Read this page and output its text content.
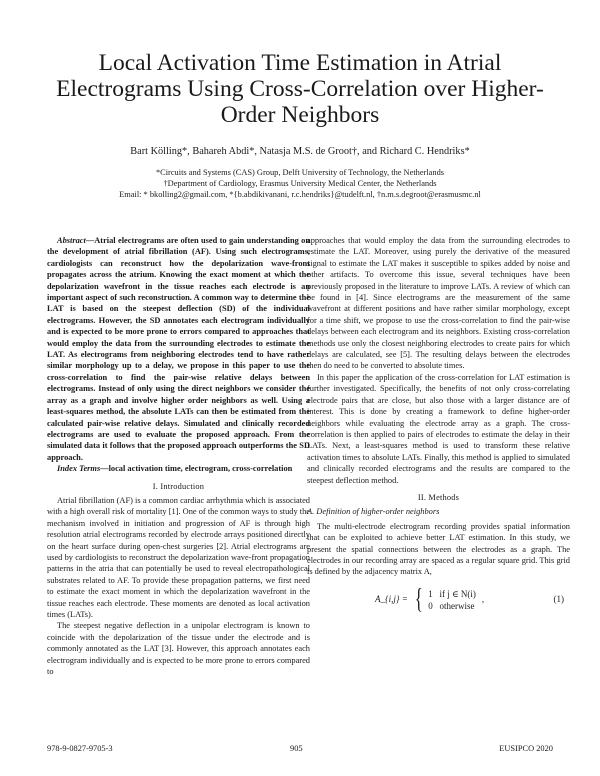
Local Activation Time Estimation in Atrial Electrograms Using Cross-Correlation over Higher-Order Neighbors
Bart Kölling*, Bahareh Abdi*, Natasja M.S. de Groot†, and Richard C. Hendriks*
*Circuits and Systems (CAS) Group, Delft University of Technology, the Netherlands
†Department of Cardiology, Erasmus University Medical Center, the Netherlands
Email: * bkolling2@gmail.com, *{b.abdikivanani, r.c.hendriks}@tudelft.nl, †n.m.s.degroot@erasmusmc.nl

Abstract—Atrial electrograms are often used to gain understanding on the development of atrial fibrillation (AF). Using such electrograms, cardiologists can reconstruct how the depolarization wave-front propagates across the atrium. Knowing the exact moment at which the depolarization wavefront in the tissue reaches each electrode is an important aspect of such reconstruction. A common way to determine the LAT is based on the steepest deflection (SD) of the individual electrograms. However, the SD annotates each electrogram individually and is expected to be more prone to errors compared to approaches that would employ the data from the surrounding electrodes to estimate the LAT. As electrograms from neighboring electrodes tend to have rather similar morphology up to a delay, we propose in this paper to use the cross-correlation to find the pair-wise relative delays between electrograms. Instead of only using the direct neighbors we consider the array as a graph and involve higher order neighbors as well. Using a least-squares method, the absolute LATs can then be estimated from the calculated pair-wise relative delays. Simulated and clinically recorded electrograms are used to evaluate the proposed approach. From the simulated data it follows that the proposed approach outperforms the SD approach.

Index Terms—local activation time, electrogram, cross-correlation

I. Introduction

Atrial fibrillation (AF) is a common cardiac arrhythmia which is associated with a high overall risk of mortality [1]. One of the common ways to study the mechanism involved in initiation and progression of AF is through high resolution atrial electrograms recorded by electrode arrays positioned directly on the heart surface during open-chest surgeries [2]. Atrial electrograms are used by cardiologists to reconstruct the depolarization wave-front propagation patterns in the atria that can potentially be used to reveal electropathological substrates related to AF. To provide these propagation patterns, we first need to estimate the exact moment in which the depolarization wavefront in the tissue reaches each electrode. These moments are denoted as local activation times (LATs).

The steepest negative deflection in a unipolar electrogram is known to coincide with the depolarization of the tissue under the electrode and is commonly annotated as the LAT [3]. However, this approach annotates each electrogram individually and is expected to be more prone to errors compared to

approaches that would employ the data from the surrounding electrodes to estimate the LAT. Moreover, using purely the derivative of the measured signal to estimate the LAT makes it susceptible to spikes added by noise and other artifacts. To overcome this issue, several techniques have been previously proposed in the literature to improve LATs. A review of which can be found in [4]. Since electrograms are the measurement of the same wavefront at different positions and have rather similar morphology, except for a time shift, we propose to use the cross-correlation to find the pair-wise delays between each electrogram and its neighbors. Existing cross-correlation methods use only the closest neighboring electrodes to create pairs for which delays are calculated, see [5]. The resulting delays between the electrodes then do need to be converted to absolute times.

In this paper the application of the cross-correlation for LAT estimation is further investigated. Specifically, the benefits of not only cross-correlating electrode pairs that are close, but also those with a larger distance are of interest. This is done by creating a framework to define higher-order neighbors while evaluating the electrode array as a graph. The cross-correlation is then applied to pairs of electrodes to estimate the delay in their LATs. Next, a least-squares method is used to transform these relative activation times to absolute LATs. Finally, this method is applied to simulated and clinically recorded electrograms and the results are compared to the steepest deflection method.

II. Methods
A. Definition of higher-order neighbors

The multi-electrode electrogram recording provides spatial information that can be exploited to achieve better LAT estimation. In this study, we present the spatial connections between the electrodes as a graph. The electrodes in our recording array are spaced as a regular square grid. This grid is defined by the adjacency matrix A,

A_{i,j} = { 1   if j ∈ N(i)
0   otherwise
,	(1)
978-9-0827-9705-3	905	EUSIPCO 2020
